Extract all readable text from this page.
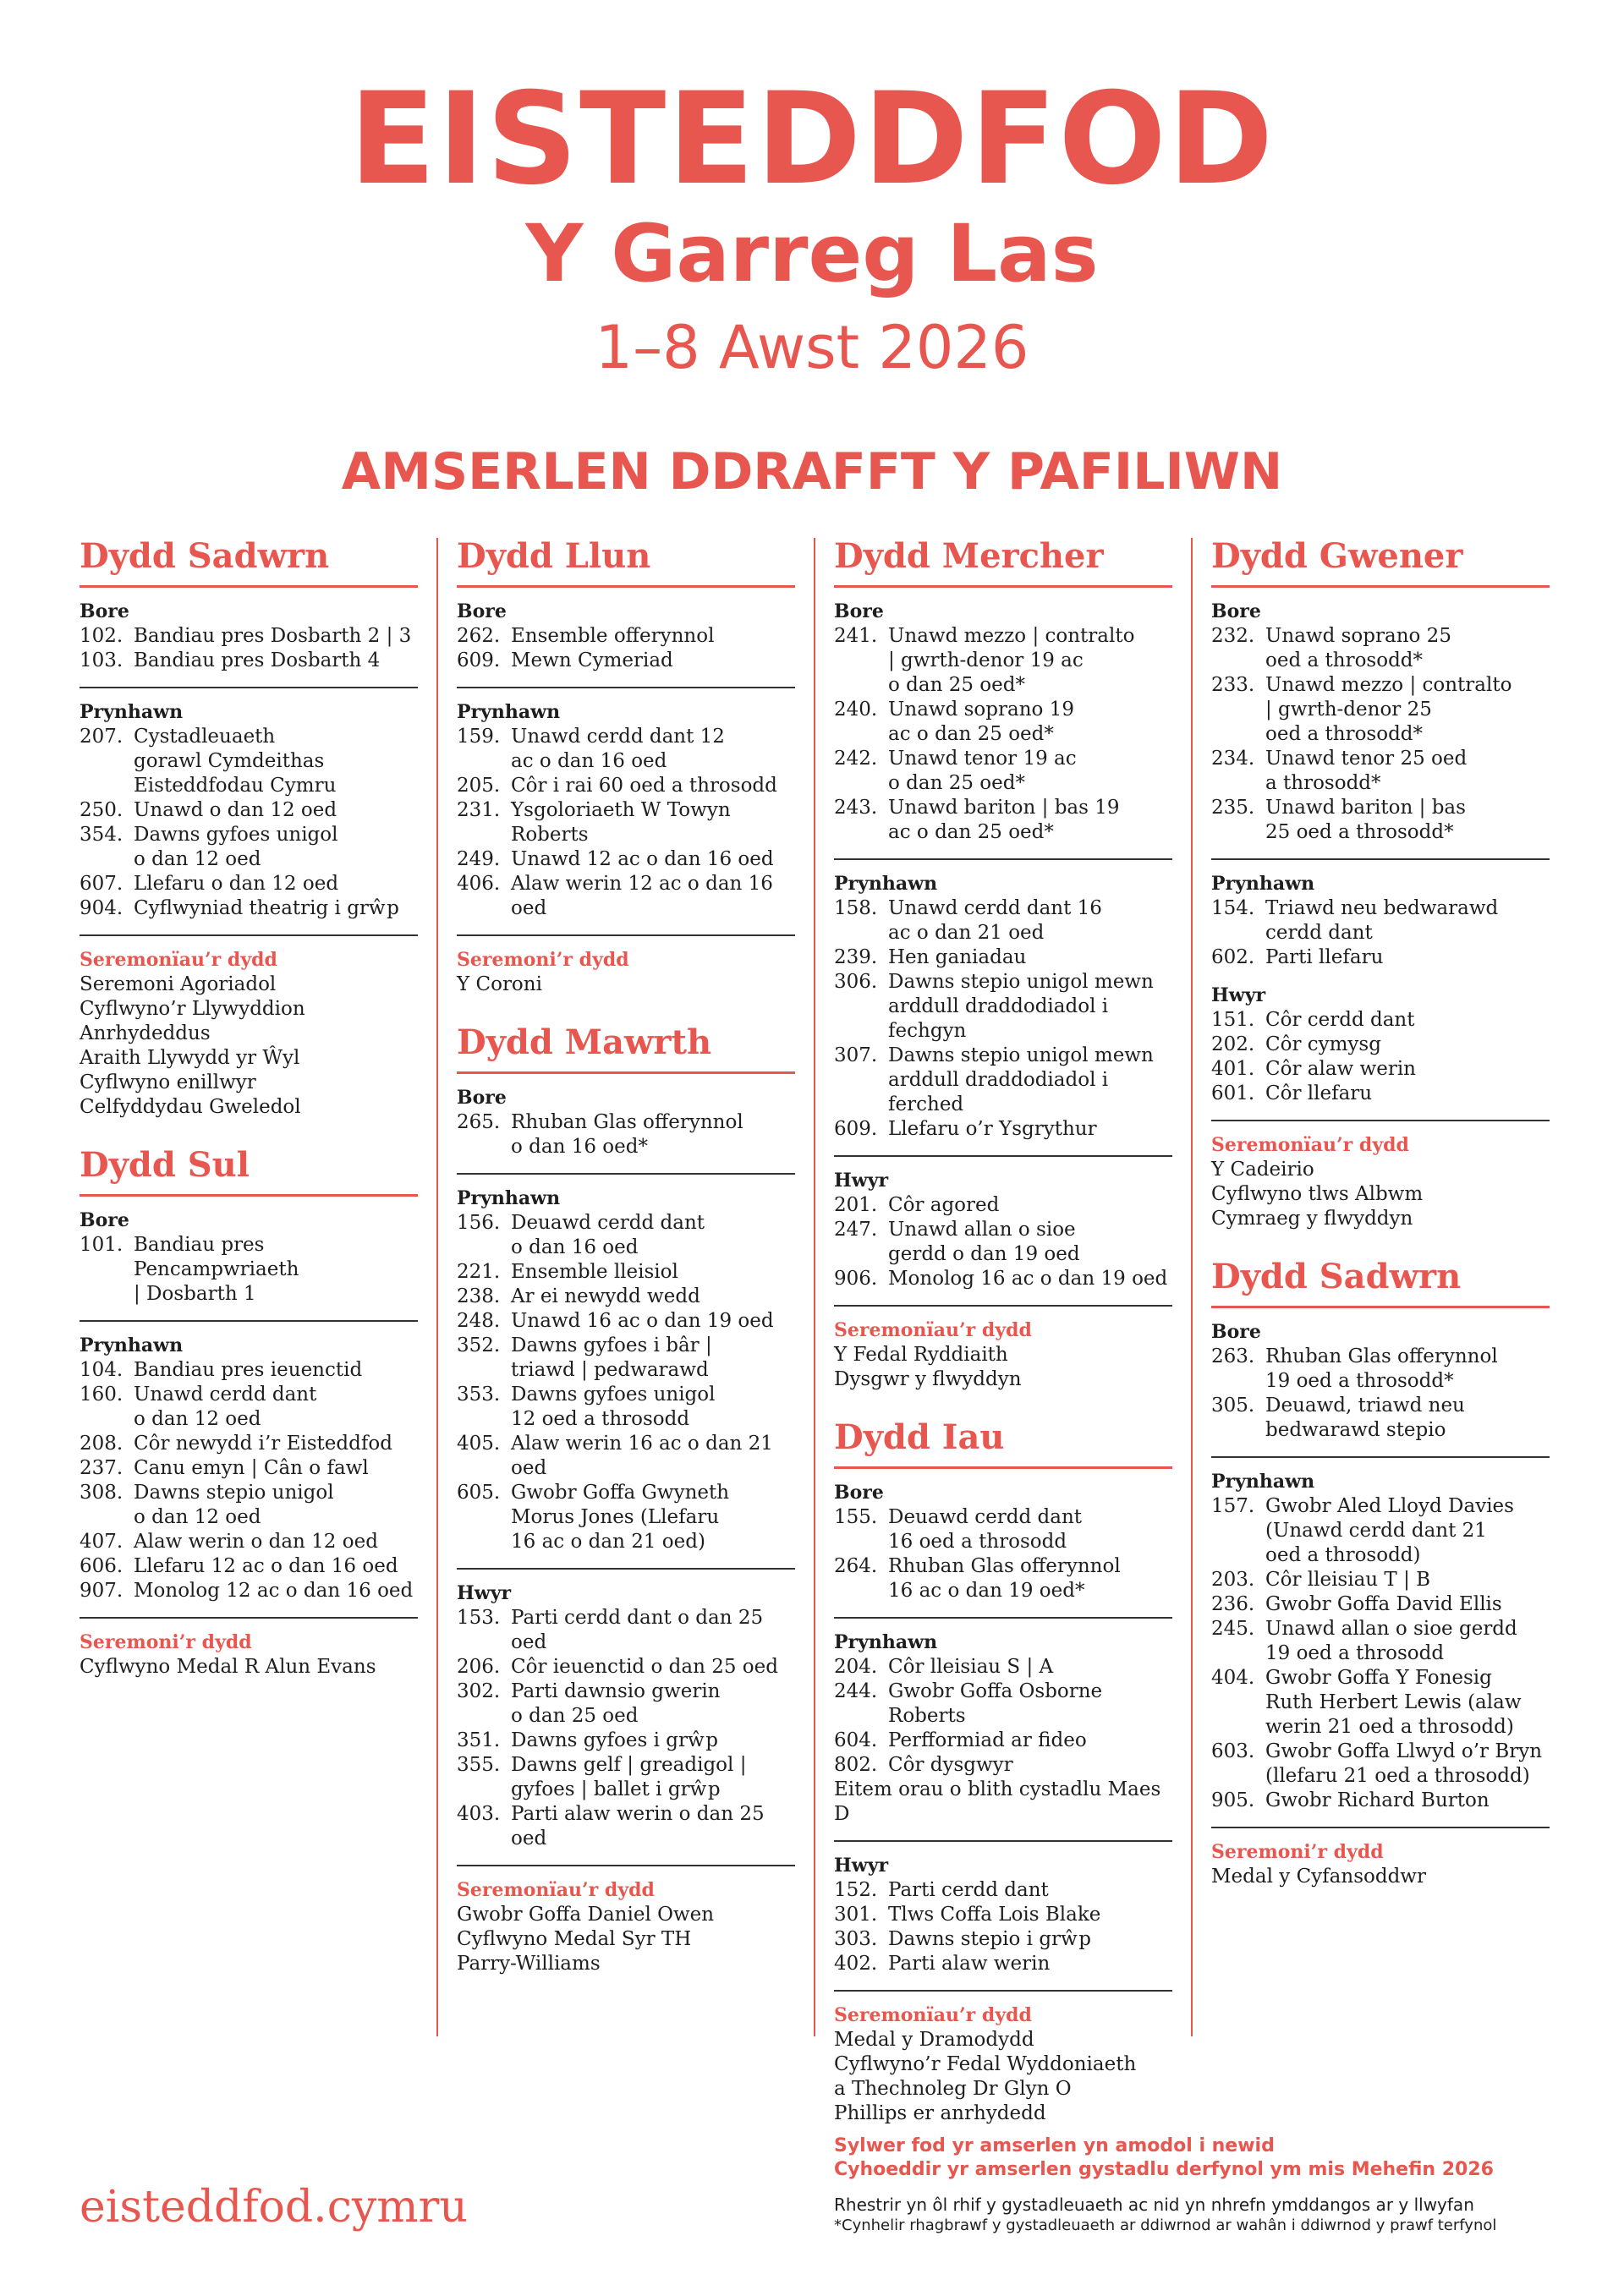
EISTEDDFOD
Y Garreg Las
1–8 Awst 2026
AMSERLEN DDRAFFT Y PAFILIWN
Dydd Sadwrn
Bore
102. Bandiau pres Dosbarth 2 | 3
103. Bandiau pres Dosbarth 4
Prynhawn
207. Cystadleuaeth
gorawl Cymdeithas
Eisteddfodau Cymru
250. Unawd o dan 12 oed
354. Dawns gyfoes unigol
o dan 12 oed
607. Llefaru o dan 12 oed
904. Cyflwyniad theatrig i grŵp
Seremonïau’r dydd
Seremoni Agoriadol
Cyflwyno’r Llywyddion
Anrhydeddus
Araith Llywydd yr Ŵyl
Cyflwyno enillwyr
Celfyddydau Gweledol
Dydd Sul
Bore
101. Bandiau pres Pencampwriaeth
| Dosbarth 1
Prynhawn
104. Bandiau pres ieuenctid
160. Unawd cerdd dant
o dan 12 oed
208. Côr newydd i’r Eisteddfod
237. Canu emyn | Cân o fawl
308. Dawns stepio unigol
o dan 12 oed
407. Alaw werin o dan 12 oed
606. Llefaru 12 ac o dan 16 oed
907. Monolog 12 ac o dan 16 oed
Seremoni’r dydd
Cyflwyno Medal R Alun Evans
Dydd Llun
Bore
262. Ensemble offerynnol
609. Mewn Cymeriad
Prynhawn
159. Unawd cerdd dant 12
ac o dan 16 oed
205. Côr i rai 60 oed a throsodd
231. Ysgoloriaeth W Towyn Roberts
249. Unawd 12 ac o dan 16 oed
406. Alaw werin 12 ac o dan 16 oed
Seremoni’r dydd
Y Coroni
Dydd Mawrth
Bore
265. Rhuban Glas offerynnol
o dan 16 oed*
Prynhawn
156. Deuawd cerdd dant
o dan 16 oed
221. Ensemble lleisiol
238. Ar ei newydd wedd
248. Unawd 16 ac o dan 19 oed
352. Dawns gyfoes i bâr |
triawd | pedwarawd
353. Dawns gyfoes unigol
12 oed a throsodd
405. Alaw werin 16 ac o dan 21 oed
605. Gwobr Goffa Gwyneth
Morus Jones (Llefaru
16 ac o dan 21 oed)
Hwyr
153. Parti cerdd dant o dan 25 oed
206. Côr ieuenctid o dan 25 oed
302. Parti dawnsio gwerin
o dan 25 oed
351. Dawns gyfoes i grŵp
355. Dawns gelf | greadigol |
gyfoes | ballet i grŵp
403. Parti alaw werin o dan 25 oed
Seremonïau’r dydd
Gwobr Goffa Daniel Owen
Cyflwyno Medal Syr TH
Parry-Williams
Dydd Mercher
Bore
241. Unawd mezzo | contralto
| gwrth-denor 19 ac
o dan 25 oed*
240. Unawd soprano 19
ac o dan 25 oed*
242. Unawd tenor 19 ac
o dan 25 oed*
243. Unawd bariton | bas 19
ac o dan 25 oed*
Prynhawn
158. Unawd cerdd dant 16
ac o dan 21 oed
239. Hen ganiadau
306. Dawns stepio unigol mewn
arddull draddodiadol i fechgyn
307. Dawns stepio unigol mewn
arddull draddodiadol i ferched
609. Llefaru o’r Ysgrythur
Hwyr
201. Côr agored
247. Unawd allan o sioe
gerdd o dan 19 oed
906. Monolog 16 ac o dan 19 oed
Seremonïau’r dydd
Y Fedal Ryddiaith
Dysgwr y flwyddyn
Dydd Iau
Bore
155. Deuawd cerdd dant
16 oed a throsodd
264. Rhuban Glas offerynnol
16 ac o dan 19 oed*
Prynhawn
204. Côr lleisiau S | A
244. Gwobr Goffa Osborne Roberts
604. Perfformiad ar fideo
802. Côr dysgwyr
Eitem orau o blith cystadlu Maes D
Hwyr
152. Parti cerdd dant
301. Tlws Coffa Lois Blake
303. Dawns stepio i grŵp
402. Parti alaw werin
Seremonïau’r dydd
Medal y Dramodydd
Cyflwyno’r Fedal Wyddoniaeth
a Thechnoleg Dr Glyn O
Phillips er anrhydedd
Dydd Gwener
Bore
232. Unawd soprano 25
oed a throsodd*
233. Unawd mezzo | contralto
| gwrth-denor 25
oed a throsodd*
234. Unawd tenor 25 oed
a throsodd*
235. Unawd bariton | bas
25 oed a throsodd*
Prynhawn
154. Triawd neu bedwarawd
cerdd dant
602. Parti llefaru
Hwyr
151. Côr cerdd dant
202. Côr cymysg
401. Côr alaw werin
601. Côr llefaru
Seremonïau’r dydd
Y Cadeirio
Cyflwyno tlws Albwm
Cymraeg y flwyddyn
Dydd Sadwrn
Bore
263. Rhuban Glas offerynnol
19 oed a throsodd*
305. Deuawd, triawd neu
bedwarawd stepio
Prynhawn
157. Gwobr Aled Lloyd Davies
(Unawd cerdd dant 21
oed a throsodd)
203. Côr lleisiau T | B
236. Gwobr Goffa David Ellis
245. Unawd allan o sioe gerdd
19 oed a throsodd
404. Gwobr Goffa Y Fonesig
Ruth Herbert Lewis (alaw
werin 21 oed a throsodd)
603. Gwobr Goffa Llwyd o’r Bryn
(llefaru 21 oed a throsodd)
905. Gwobr Richard Burton
Seremoni’r dydd
Medal y Cyfansoddwr
eisteddfod.cymru
Sylwer fod yr amserlen yn amodol i newid
Cyhoeddir yr amserlen gystadlu derfynol ym mis Mehefin 2026
Rhestrir yn ôl rhif y gystadleuaeth ac nid yn nhrefn ymddangos ar y llwyfan
*Cynhelir rhagbrawf y gystadleuaeth ar ddiwrnod ar wahân i ddiwrnod y prawf terfynol
